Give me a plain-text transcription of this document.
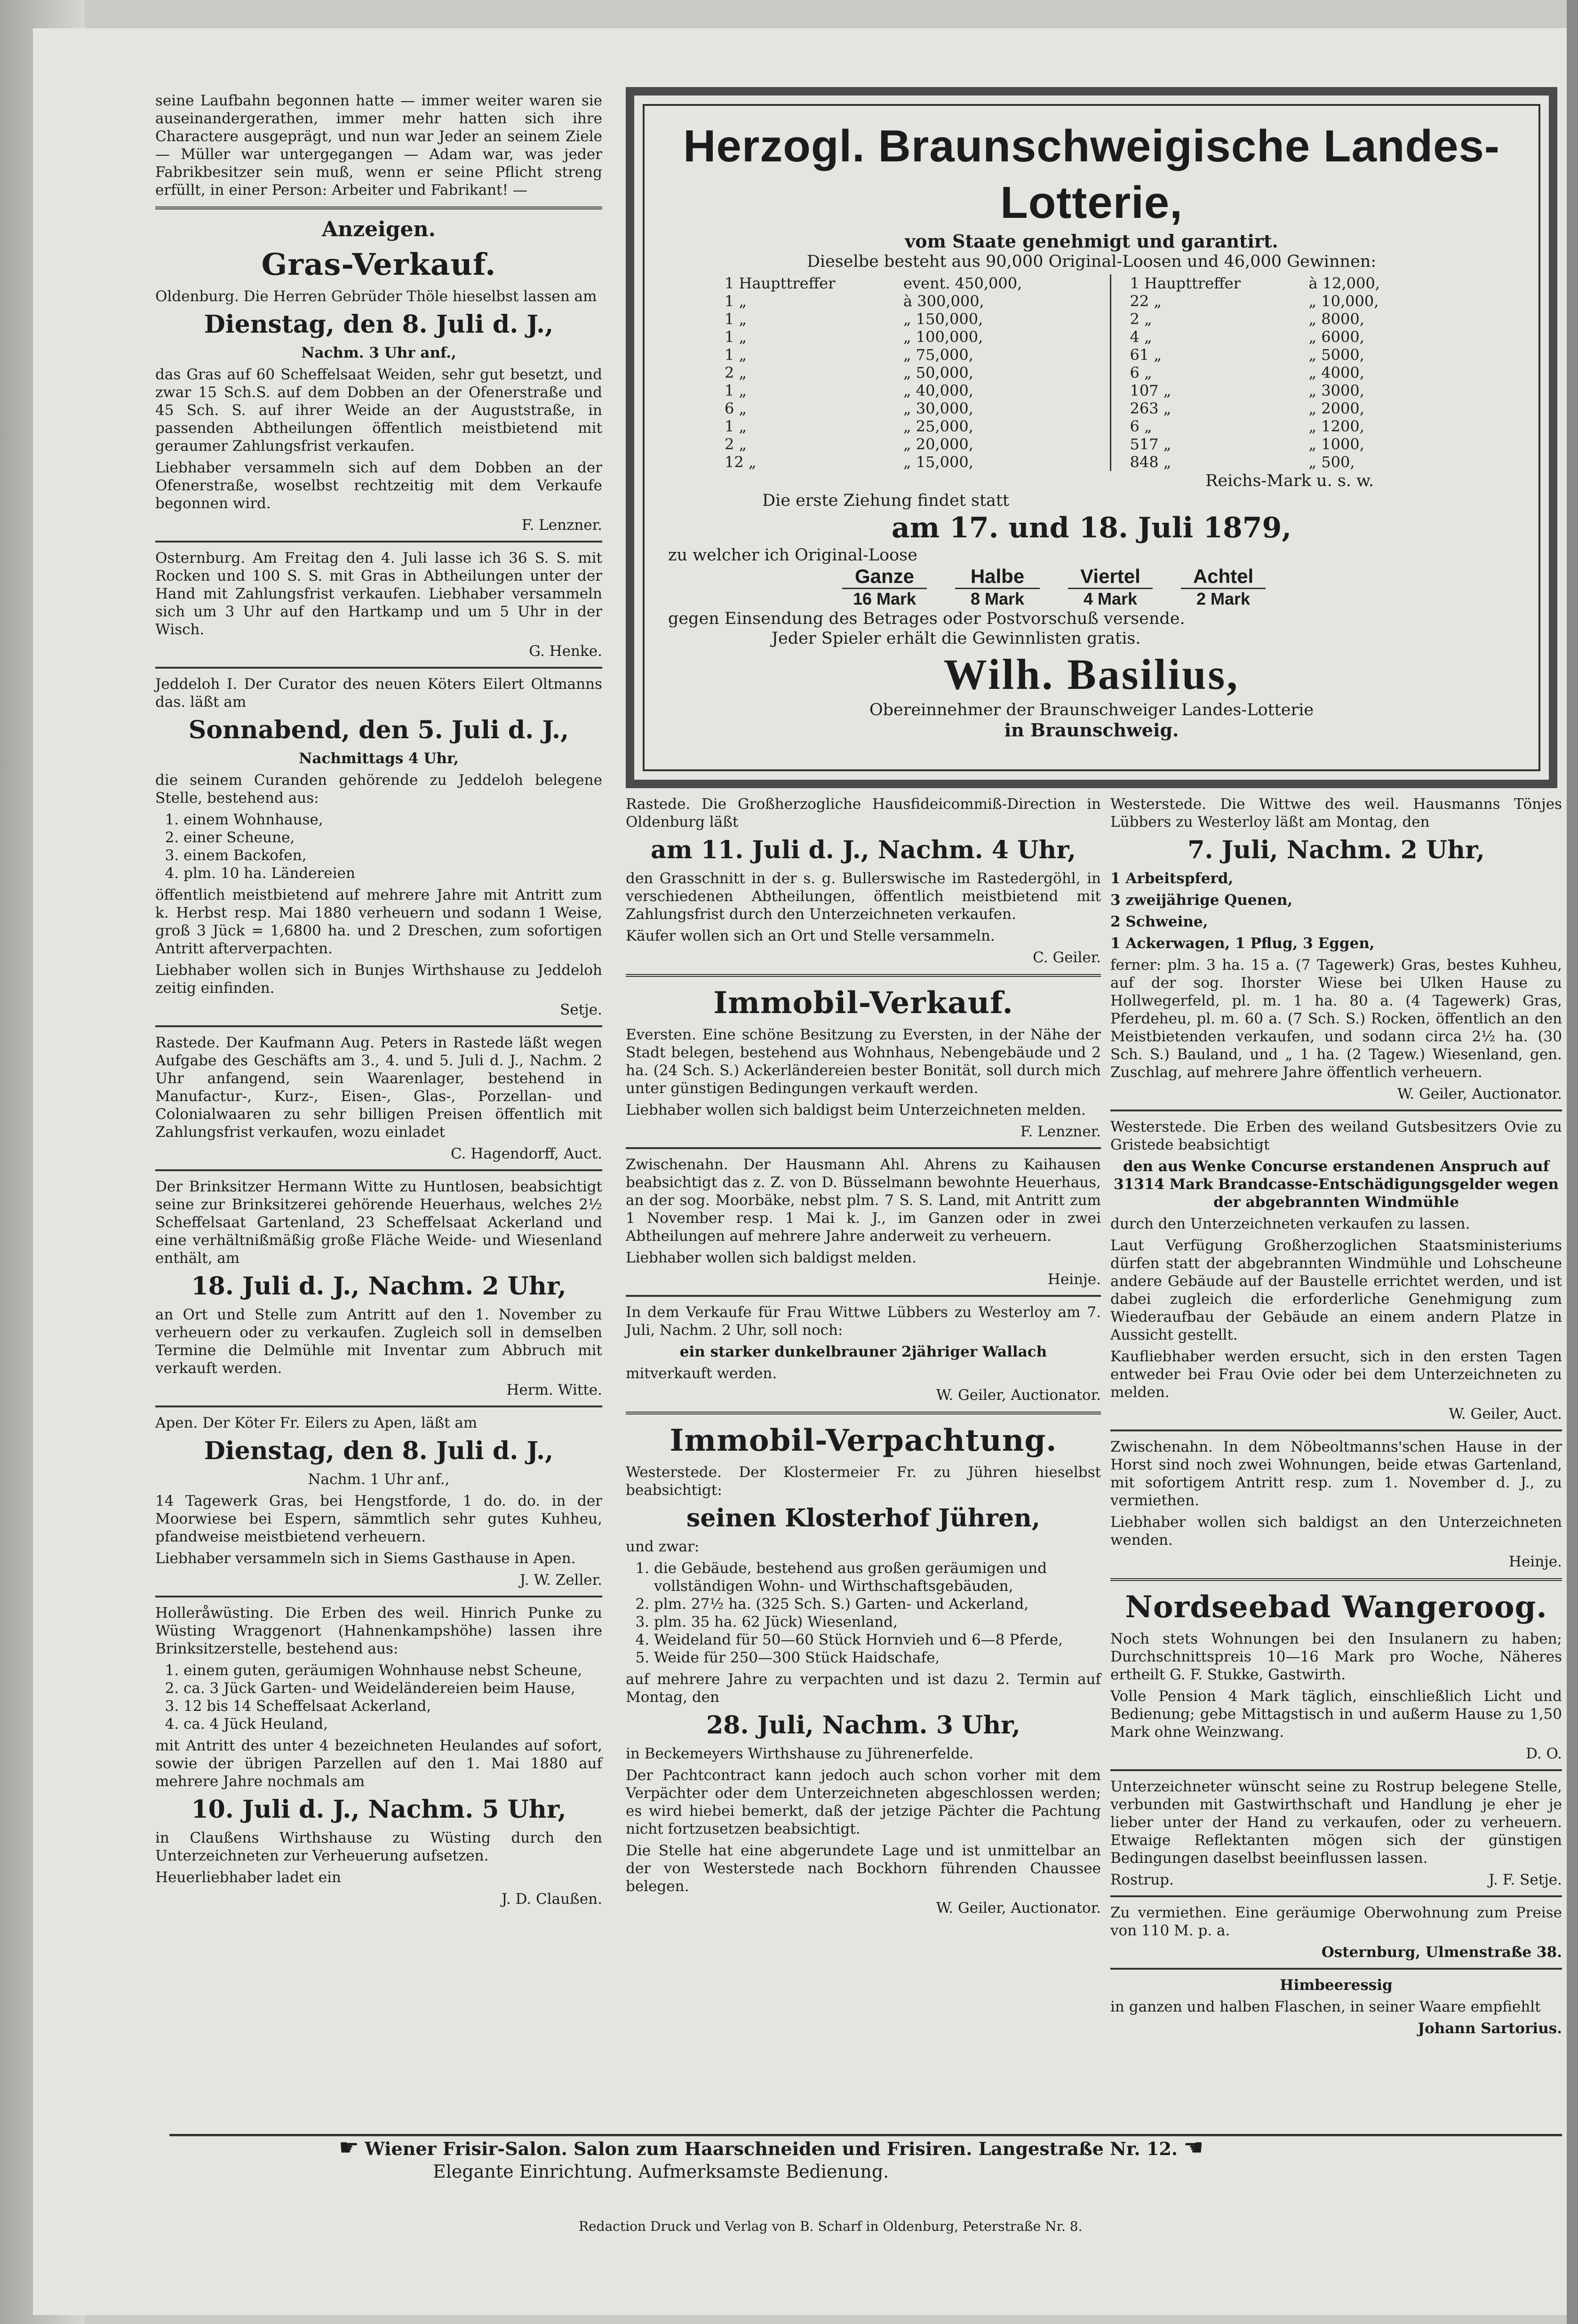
seine Laufbahn begonnen hatte — immer weiter waren sie auseinandergerathen, immer mehr hatten sich ihre Charactere ausgeprägt, und nun war Jeder an seinem Ziele — Müller war untergegangen — Adam war, was jeder Fabrikbesitzer sein muß, wenn er seine Pflicht streng erfüllt, in einer Person: Arbeiter und Fabrikant! —

Anzeigen.
Gras-Verkauf.

Oldenburg. Die Herren Gebrüder Thöle hieselbst lassen am

Dienstag, den 8. Juli d. J.,

Nachm. 3 Uhr anf.,

das Gras auf 60 Scheffelsaat Weiden, sehr gut besetzt, und zwar 15 Sch.S. auf dem Dobben an der Ofenerstraße und 45 Sch. S. auf ihrer Weide an der Auguststraße, in passenden Abtheilungen öffentlich meistbietend mit geraumer Zahlungsfrist verkaufen.

Liebhaber versammeln sich auf dem Dobben an der Ofenerstraße, woselbst rechtzeitig mit dem Verkaufe begonnen wird.

F. Lenzner.

Osternburg. Am Freitag den 4. Juli lasse ich 36 S. S. mit Rocken und 100 S. S. mit Gras in Abtheilungen unter der Hand mit Zahlungsfrist verkaufen. Liebhaber versammeln sich um 3 Uhr auf den Hartkamp und um 5 Uhr in der Wisch.

G. Henke.

Jeddeloh I. Der Curator des neuen Köters Eilert Oltmanns das. läßt am

Sonnabend, den 5. Juli d. J.,

Nachmittags 4 Uhr,

die seinem Curanden gehörende zu Jeddeloh belegene Stelle, bestehend aus:

1. einem Wohnhause,
2. einer Scheune,
3. einem Backofen,
4. plm. 10 ha. Ländereien

öffentlich meistbietend auf mehrere Jahre mit Antritt zum k. Herbst resp. Mai 1880 verheuern und sodann 1 Weise, groß 3 Jück = 1,6800 ha. und 2 Dreschen, zum sofortigen Antritt afterverpachten.

Liebhaber wollen sich in Bunjes Wirthshause zu Jeddeloh zeitig einfinden.

Setje.

Rastede. Der Kaufmann Aug. Peters in Rastede läßt wegen Aufgabe des Geschäfts am 3., 4. und 5. Juli d. J., Nachm. 2 Uhr anfangend, sein Waarenlager, bestehend in Manufactur-, Kurz-, Eisen-, Glas-, Porzellan- und Colonialwaaren zu sehr billigen Preisen öffentlich mit Zahlungsfrist verkaufen, wozu einladet

C. Hagendorff, Auct.

Der Brinksitzer Hermann Witte zu Huntlosen, beabsichtigt seine zur Brinksitzerei gehörende Heuerhaus, welches 2½ Scheffelsaat Gartenland, 23 Scheffelsaat Ackerland und eine verhältnißmäßig große Fläche Weide- und Wiesenland enthält, am

18. Juli d. J., Nachm. 2 Uhr,

an Ort und Stelle zum Antritt auf den 1. November zu verheuern oder zu verkaufen. Zugleich soll in demselben Termine die Delmühle mit Inventar zum Abbruch mit verkauft werden.

Herm. Witte.

Apen. Der Köter Fr. Eilers zu Apen, läßt am

Dienstag, den 8. Juli d. J.,

Nachm. 1 Uhr anf.,

14 Tagewerk Gras, bei Hengstforde, 1 do. do. in der Moorwiese bei Espern, sämmtlich sehr gutes Kuhheu, pfandweise meistbietend verheuern.

Liebhaber versammeln sich in Siems Gasthause in Apen.

J. W. Zeller.

Holleråwüsting. Die Erben des weil. Hinrich Punke zu Wüsting Wraggenort (Hahnenkampshöhe) lassen ihre Brinksitzerstelle, bestehend aus:

1. einem guten, geräumigen Wohnhause nebst Scheune,
2. ca. 3 Jück Garten- und Weideländereien beim Hause,
3. 12 bis 14 Scheffelsaat Ackerland,
4. ca. 4 Jück Heuland,

mit Antritt des unter 4 bezeichneten Heulandes auf sofort, sowie der übrigen Parzellen auf den 1. Mai 1880 auf mehrere Jahre nochmals am

10. Juli d. J., Nachm. 5 Uhr,

in Claußens Wirthshause zu Wüsting durch den Unterzeichneten zur Verheuerung aufsetzen.

Heuerliebhaber ladet ein

J. D. Claußen.

Herzogl. Braunschweigische Landes-Lotterie,
vom Staate genehmigt und garantirt.
Dieselbe besteht aus 90,000 Original-Loosen und 46,000 Gewinnen:
1 Haupttreffer	event. 450,000,
1 „	à 300,000,
1 „	„ 150,000,
1 „	„ 100,000,
1 „	„ 75,000,
2 „	„ 50,000,
1 „	„ 40,000,
6 „	„ 30,000,
1 „	„ 25,000,
2 „	„ 20,000,
12 „	„ 15,000,
1 Haupttreffer	à 12,000,
22 „	„ 10,000,
2 „	„ 8000,
4 „	„ 6000,
61 „	„ 5000,
6 „	„ 4000,
107 „	„ 3000,
263 „	„ 2000,
6 „	„ 1200,
517 „	„ 1000,
848 „	„ 500,
Reichs-Mark u. s. w.
Die erste Ziehung findet statt
am 17. und 18. Juli 1879,
zu welcher ich Original-Loose
Ganze
16 Mark
Halbe
8 Mark
Viertel
4 Mark
Achtel
2 Mark
gegen Einsendung des Betrages oder Postvorschuß versende.
Jeder Spieler erhält die Gewinnlisten gratis.
Wilh. Basilius,
Obereinnehmer der Braunschweiger Landes-Lotterie
in Braunschweig.

Rastede. Die Großherzogliche Hausfideicommiß-Direction in Oldenburg läßt

am 11. Juli d. J., Nachm. 4 Uhr,

den Grasschnitt in der s. g. Bullerswische im Rastedergöhl, in verschiedenen Abtheilungen, öffentlich meistbietend mit Zahlungsfrist durch den Unterzeichneten verkaufen.

Käufer wollen sich an Ort und Stelle versammeln.

C. Geiler.

Immobil-Verkauf.

Eversten. Eine schöne Besitzung zu Eversten, in der Nähe der Stadt belegen, bestehend aus Wohnhaus, Nebengebäude und 2 ha. (24 Sch. S.) Ackerländereien bester Bonität, soll durch mich unter günstigen Bedingungen verkauft werden.

Liebhaber wollen sich baldigst beim Unterzeichneten melden.

F. Lenzner.

Zwischenahn. Der Hausmann Ahl. Ahrens zu Kaihausen beabsichtigt das z. Z. von D. Büsselmann bewohnte Heuerhaus, an der sog. Moorbäke, nebst plm. 7 S. S. Land, mit Antritt zum 1 November resp. 1 Mai k. J., im Ganzen oder in zwei Abtheilungen auf mehrere Jahre anderweit zu verheuern.

Liebhaber wollen sich baldigst melden.

Heinje.

In dem Verkaufe für Frau Wittwe Lübbers zu Westerloy am 7. Juli, Nachm. 2 Uhr, soll noch:

ein starker dunkelbrauner 2jähriger Wallach

mitverkauft werden.

W. Geiler, Auctionator.

Immobil-Verpachtung.

Westerstede. Der Klostermeier Fr. zu Jühren hieselbst beabsichtigt:

seinen Klosterhof Jühren,

und zwar:

1. die Gebäude, bestehend aus großen geräumigen und vollständigen Wohn- und Wirthschaftsgebäuden,
2. plm. 27½ ha. (325 Sch. S.) Garten- und Ackerland,
3. plm. 35 ha. 62 Jück) Wiesenland,
4. Weideland für 50—60 Stück Hornvieh und 6—8 Pferde,
5. Weide für 250—300 Stück Haidschafe,

auf mehrere Jahre zu verpachten und ist dazu 2. Termin auf Montag, den

28. Juli, Nachm. 3 Uhr,

in Beckemeyers Wirthshause zu Jührenerfelde.

Der Pachtcontract kann jedoch auch schon vorher mit dem Verpächter oder dem Unterzeichneten abgeschlossen werden; es wird hiebei bemerkt, daß der jetzige Pächter die Pachtung nicht fortzusetzen beabsichtigt.

Die Stelle hat eine abgerundete Lage und ist unmittelbar an der von Westerstede nach Bockhorn führenden Chaussee belegen.

W. Geiler, Auctionator.

Westerstede. Die Wittwe des weil. Hausmanns Tönjes Lübbers zu Westerloy läßt am Montag, den

7. Juli, Nachm. 2 Uhr,

1 Arbeitspferd,

3 zweijährige Quenen,

2 Schweine,

1 Ackerwagen, 1 Pflug, 3 Eggen,

ferner: plm. 3 ha. 15 a. (7 Tagewerk) Gras, bestes Kuhheu, auf der sog. Ihorster Wiese bei Ulken Hause zu Hollwegerfeld, pl. m. 1 ha. 80 a. (4 Tagewerk) Gras, Pferdeheu, pl. m. 60 a. (7 Sch. S.) Rocken, öffentlich an den Meistbietenden verkaufen, und sodann circa 2½ ha. (30 Sch. S.) Bauland, und „ 1 ha. (2 Tagew.) Wiesenland, gen. Zuschlag, auf mehrere Jahre öffentlich verheuern.

W. Geiler, Auctionator.

Westerstede. Die Erben des weiland Gutsbesitzers Ovie zu Gristede beabsichtigt

den aus Wenke Concurse erstandenen Anspruch auf 31314 Mark Brandcasse-Entschädigungsgelder wegen der abgebrannten Windmühle

durch den Unterzeichneten verkaufen zu lassen.

Laut Verfügung Großherzoglichen Staatsministeriums dürfen statt der abgebrannten Windmühle und Lohscheune andere Gebäude auf der Baustelle errichtet werden, und ist dabei zugleich die erforderliche Genehmigung zum Wiederaufbau der Gebäude an einem andern Platze in Aussicht gestellt.

Kaufliebhaber werden ersucht, sich in den ersten Tagen entweder bei Frau Ovie oder bei dem Unterzeichneten zu melden.

W. Geiler, Auct.

Zwischenahn. In dem Nöbeoltmanns'schen Hause in der Horst sind noch zwei Wohnungen, beide etwas Gartenland, mit sofortigem Antritt resp. zum 1. November d. J., zu vermiethen.

Liebhaber wollen sich baldigst an den Unterzeichneten wenden.

Heinje.

Nordseebad Wangeroog.

Noch stets Wohnungen bei den Insulanern zu haben; Durchschnittspreis 10—16 Mark pro Woche, Näheres ertheilt G. F. Stukke, Gastwirth.

Volle Pension 4 Mark täglich, einschließlich Licht und Bedienung; gebe Mittagstisch in und außerm Hause zu 1,50 Mark ohne Weinzwang.

D. O.

Unterzeichneter wünscht seine zu Rostrup belegene Stelle, verbunden mit Gastwirthschaft und Handlung je eher je lieber unter der Hand zu verkaufen, oder zu verheuern. Etwaige Reflektanten mögen sich der günstigen Bedingungen daselbst beeinflussen lassen.

Rostrup.	J. F. Setje.

Zu vermiethen. Eine geräumige Oberwohnung zum Preise von 110 M. p. a.

Osternburg, Ulmenstraße 38.

Himbeeressig

in ganzen und halben Flaschen, in seiner Waare empfiehlt

Johann Sartorius.

☛ Wiener Frisir-Salon. Salon zum Haarschneiden und Frisiren. Langestraße Nr. 12. ☚
Elegante Einrichtung. Aufmerksamste Bedienung.
Redaction Druck und Verlag von B. Scharf in Oldenburg, Peterstraße Nr. 8.
